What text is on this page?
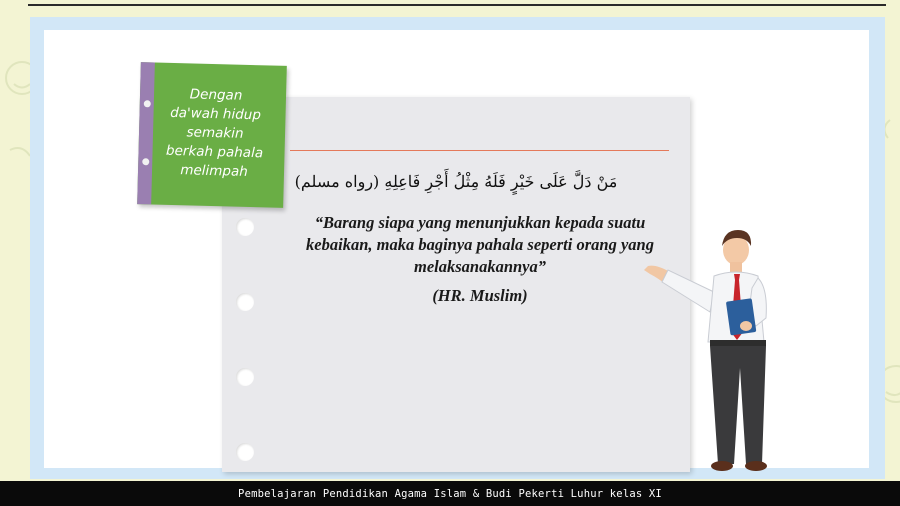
Dengan
da'wah hidup
semakin
berkah pahala
melimpah
مَنْ دَلَّ عَلَى خَيْرٍ فَلَهُ مِثْلُ أَجْرِ فَاعِلِهِ (رواه مسلم)
“Barang siapa yang menunjukkan kepada suatu kebaikan, maka baginya pahala seperti orang yang melaksanakannya”
(HR. Muslim)
Pembelajaran Pendidikan Agama Islam & Budi Pekerti Luhur kelas XI
